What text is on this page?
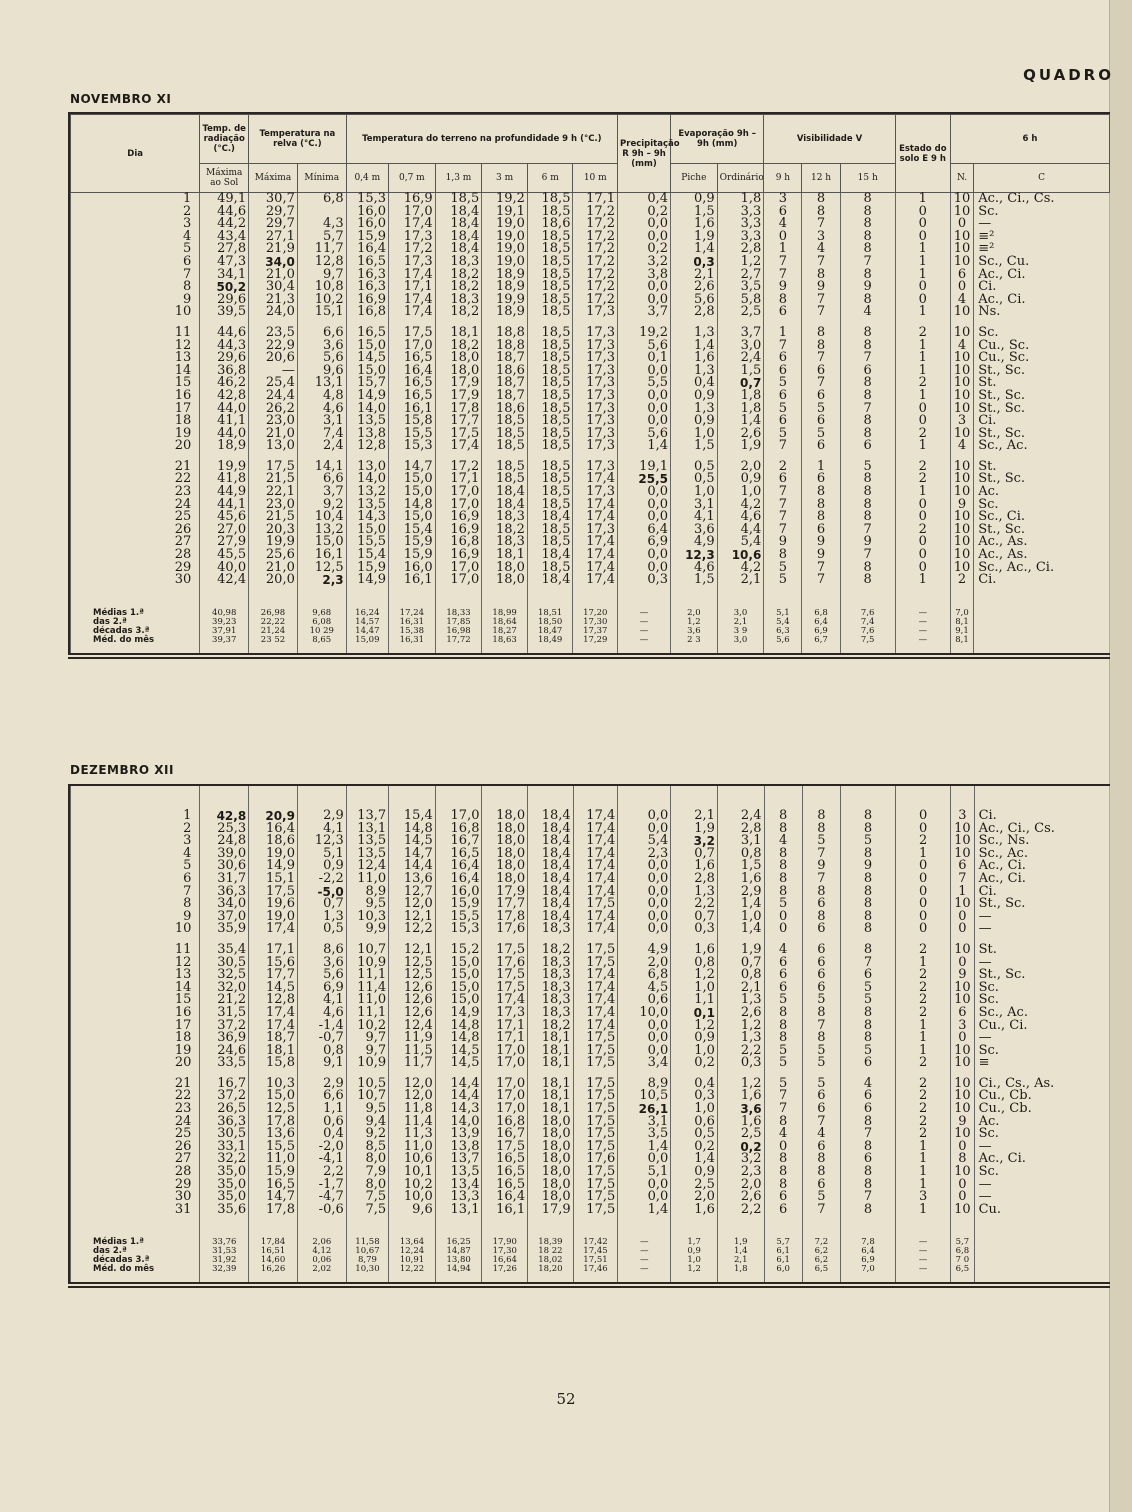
QUADRO
NOVEMBRO XI
Dia	Temp. de radiação (°C.)	Temperatura na relva (°C.)		Temperatura do terreno na profundidade 9 h (°C.)						Precipitação R 9h – 9h (mm)	Evaporação 9h – 9h (mm)		Visibilidade V			Estado do solo E 9 h	6 h	
	Máxima ao Sol	Máxima	Mínima	0,4 m	0,7 m	1,3 m	3 m	6 m	10 m		Piche	Ordinário	9 h	12 h	15 h		N.	C
1	49,1	30,7	6,8	15,3	16,9	18,5	19,2	18,5	17,1	0,4	0,9	1,8	3	8	8	1	10	Ac., Ci., Cs.
2	44,6	29,7		16,0	17,0	18,4	19,1	18,5	17,2	0,2	1,5	3,3	6	8	8	0	10	Sc.
3	44,2	29,7	4,3	16,0	17,4	18,4	19,0	18,6	17,2	0,0	1,6	3,3	4	7	8	0	0	—
4	43,4	27,1	5,7	15,9	17,3	18,4	19,0	18,5	17,2	0,0	1,9	3,3	0	3	8	0	10	≡²
5	27,8	21,9	11,7	16,4	17,2	18,4	19,0	18,5	17,2	0,2	1,4	2,8	1	4	8	1	10	≡²
6	47,3	34,0	12,8	16,5	17,3	18,3	19,0	18,5	17,2	3,2	0,3	1,2	7	7	7	1	10	Sc., Cu.
7	34,1	21,0	9,7	16,3	17,4	18,2	18,9	18,5	17,2	3,8	2,1	2,7	7	8	8	1	6	Ac., Ci.
8	50,2	30,4	10,8	16,3	17,1	18,2	18,9	18,5	17,2	0,0	2,6	3,5	9	9	9	0	0	Ci.
9	29,6	21,3	10,2	16,9	17,4	18,3	19,9	18,5	17,2	0,0	5,6	5,8	8	7	8	0	4	Ac., Ci.
10	39,5	24,0	15,1	16,8	17,4	18,2	18,9	18,5	17,3	3,7	2,8	2,5	6	7	4	1	10	Ns.

11	44,6	23,5	6,6	16,5	17,5	18,1	18,8	18,5	17,3	19,2	1,3	3,7	1	8	8	2	10	Sc.
12	44,3	22,9	3,6	15,0	17,0	18,2	18,8	18,5	17,3	5,6	1,4	3,0	7	8	8	1	4	Cu., Sc.
13	29,6	20,6	5,6	14,5	16,5	18,0	18,7	18,5	17,3	0,1	1,6	2,4	6	7	7	1	10	Cu., Sc.
14	36,8	—	9,6	15,0	16,4	18,0	18,6	18,5	17,3	0,0	1,3	1,5	6	6	6	1	10	St., Sc.
15	46,2	25,4	13,1	15,7	16,5	17,9	18,7	18,5	17,3	5,5	0,4	0,7	5	7	8	2	10	St.
16	42,8	24,4	4,8	14,9	16,5	17,9	18,7	18,5	17,3	0,0	0,9	1,8	6	6	8	1	10	St., Sc.
17	44,0	26,2	4,6	14,0	16,1	17,8	18,6	18,5	17,3	0,0	1,3	1,8	5	5	7	0	10	St., Sc.
18	41,1	23,0	3,1	13,5	15,8	17,7	18,5	18,5	17,3	0,0	0,9	1,4	6	6	8	0	3	Ci.
19	44,0	21,0	7,4	13,8	15,5	17,5	18,5	18,5	17,3	5,6	1,0	2,6	5	5	8	2	10	St., Sc.
20	18,9	13,0	2,4	12,8	15,3	17,4	18,5	18,5	17,3	1,4	1,5	1,9	7	6	6	1	4	Sc., Ac.

21	19,9	17,5	14,1	13,0	14,7	17,2	18,5	18,5	17,3	19,1	0,5	2,0	2	1	5	2	10	St.
22	41,8	21,5	6,6	14,0	15,0	17,1	18,5	18,5	17,4	25,5	0,5	0,9	6	6	8	2	10	St., Sc.
23	44,9	22,1	3,7	13,2	15,0	17,0	18,4	18,5	17,3	0,0	1,0	1,0	7	8	8	1	10	Ac.
24	44,1	23,0	9,2	13,5	14,8	17,0	18,4	18,5	17,4	0,0	3,1	4,2	7	8	8	0	9	Sc.
25	45,6	21,5	10,4	14,3	15,0	16,9	18,3	18,4	17,4	0,0	4,1	4,6	7	8	8	0	10	Sc., Ci.
26	27,0	20,3	13,2	15,0	15,4	16,9	18,2	18,5	17,3	6,4	3,6	4,4	7	6	7	2	10	St., Sc.
27	27,9	19,9	15,0	15,5	15,9	16,8	18,3	18,5	17,4	6,9	4,9	5,4	9	9	9	0	10	Ac., As.
28	45,5	25,6	16,1	15,4	15,9	16,9	18,1	18,4	17,4	0,0	12,3	10,6	8	9	7	0	10	Ac., As.
29	40,0	21,0	12,5	15,9	16,0	17,0	18,0	18,5	17,4	0,0	4,6	4,2	5	7	8	0	10	Sc., Ac., Ci.
30	42,4	20,0	2,3	14,9	16,1	17,0	18,0	18,4	17,4	0,3	1,5	2,1	5	7	8	1	2	Ci.

Médias 1.ª	40,98	26,98	9,68	16,24	17,24	18,33	18,99	18,51	17,20	—	2,0	3,0	5,1	6,8	7,6	—	7,0	
das 2.ª	39,23	22,22	6,08	14,57	16,31	17,85	18,64	18,50	17,30	—	1,2	2,1	5,4	6,4	7,4	—	8,1	
décadas 3.ª	37,91	21,24	10 29	14,47	15,38	16,98	18,27	18,47	17,37	—	3,6	3 9	6,3	6,9	7,6	—	9,1	
Méd. do mês	39,37	23 52	8,65	15,09	16,31	17,72	18,63	18,49	17,29	—	2 3	3,0	5,6	6,7	7,5	—	8,1	

DEZEMBRO XII

1	42,8	20,9	2,9	13,7	15,4	17,0	18,0	18,4	17,4	0,0	2,1	2,4	8	8	8	0	3	Ci.
2	25,3	16,4	4,1	13,1	14,8	16,8	18,0	18,4	17,4	0,0	1,9	2,8	8	8	8	0	10	Ac., Ci., Cs.
3	24,8	18,6	12,3	13,5	14,5	16,7	18,0	18,4	17,4	5,4	3,2	3,1	4	5	5	2	10	Sc., Ns.
4	39,0	19,0	5,1	13,5	14,7	16,5	18,0	18,4	17,4	2,3	0,7	0,8	8	7	8	1	10	Sc., Ac.
5	30,6	14,9	0,9	12,4	14,4	16,4	18,0	18,4	17,4	0,0	1,6	1,5	8	9	9	0	6	Ac., Ci.
6	31,7	15,1	-2,2	11,0	13,6	16,4	18,0	18,4	17,4	0,0	2,8	1,6	8	7	8	0	7	Ac., Ci.
7	36,3	17,5	-5,0	8,9	12,7	16,0	17,9	18,4	17,4	0,0	1,3	2,9	8	8	8	0	1	Ci.
8	34,0	19,6	0,7	9,5	12,0	15,9	17,7	18,4	17,5	0,0	2,2	1,4	5	6	8	0	10	St., Sc.
9	37,0	19,0	1,3	10,3	12,1	15,5	17,8	18,4	17,4	0,0	0,7	1,0	0	8	8	0	0	—
10	35,9	17,4	0,5	9,9	12,2	15,3	17,6	18,3	17,4	0,0	0,3	1,4	0	6	8	0	0	—

11	35,4	17,1	8,6	10,7	12,1	15,2	17,5	18,2	17,5	4,9	1,6	1,9	4	6	8	2	10	St.
12	30,5	15,6	3,6	10,9	12,5	15,0	17,6	18,3	17,5	2,0	0,8	0,7	6	6	7	1	0	—
13	32,5	17,7	5,6	11,1	12,5	15,0	17,5	18,3	17,4	6,8	1,2	0,8	6	6	6	2	9	St., Sc.
14	32,0	14,5	6,9	11,4	12,6	15,0	17,5	18,3	17,4	4,5	1,0	2,1	6	6	5	2	10	Sc.
15	21,2	12,8	4,1	11,0	12,6	15,0	17,4	18,3	17,4	0,6	1,1	1,3	5	5	5	2	10	Sc.
16	31,5	17,4	4,6	11,1	12,6	14,9	17,3	18,3	17,4	10,0	0,1	2,6	8	8	8	2	6	Sc., Ac.
17	37,2	17,4	-1,4	10,2	12,4	14,8	17,1	18,2	17,4	0,0	1,2	1,2	8	7	8	1	3	Cu., Ci.
18	36,9	18,7	-0,7	9,7	11,9	14,8	17,1	18,1	17,5	0,0	0,9	1,3	8	8	8	1	0	—
19	24,6	18,1	0,8	9,7	11,5	14,5	17,0	18,1	17,5	0,0	1,0	2,2	5	5	5	1	10	Sc.
20	33,5	15,8	9,1	10,9	11,7	14,5	17,0	18,1	17,5	3,4	0,2	0,3	5	5	6	2	10	≡

21	16,7	10,3	2,9	10,5	12,0	14,4	17,0	18,1	17,5	8,9	0,4	1,2	5	5	4	2	10	Ci., Cs., As.
22	37,2	15,0	6,6	10,7	12,0	14,4	17,0	18,1	17,5	10,5	0,3	1,6	7	6	6	2	10	Cu., Cb.
23	26,5	12,5	1,1	9,5	11,8	14,3	17,0	18,1	17,5	26,1	1,0	3,6	7	6	6	2	10	Cu., Cb.
24	36,3	17,8	0,6	9,4	11,4	14,0	16,8	18,0	17,5	3,1	0,6	1,6	8	7	8	2	9	Ac.
25	30,5	13,6	0,4	9,2	11,3	13,9	16,7	18,0	17,5	3,5	0,5	2,5	4	4	7	2	10	Sc.
26	33,1	15,5	-2,0	8,5	11,0	13,8	17,5	18,0	17,5	1,4	0,2	0,2	0	6	8	1	0	—
27	32,2	11,0	-4,1	8,0	10,6	13,7	16,5	18,0	17,6	0,0	1,4	3,2	8	8	6	1	8	Ac., Ci.
28	35,0	15,9	2,2	7,9	10,1	13,5	16,5	18,0	17,5	5,1	0,9	2,3	8	8	8	1	10	Sc.
29	35,0	16,5	-1,7	8,0	10,2	13,4	16,5	18,0	17,5	0,0	2,5	2,0	8	6	8	1	0	—
30	35,0	14,7	-4,7	7,5	10,0	13,3	16,4	18,0	17,5	0,0	2,0	2,6	6	5	7	3	0	—
31	35,6	17,8	-0,6	7,5	9,6	13,1	16,1	17,9	17,5	1,4	1,6	2,2	6	7	8	1	10	Cu.

Médias 1.ª	33,76	17,84	2,06	11,58	13,64	16,25	17,90	18,39	17,42	—	1,7	1,9	5,7	7,2	7,8	—	5,7	
das 2.ª	31,53	16,51	4,12	10,67	12,24	14,87	17,30	18 22	17,45	—	0,9	1,4	6,1	6,2	6,4	—	6,8	
décadas 3.ª	31,92	14,60	0,06	8,79	10,91	13,80	16,64	18,02	17,51	—	1,0	2,1	6,1	6,2	6,9	—	7 0	
Méd. do mês	32,39	16,26	2,02	10,30	12,22	14,94	17,26	18,20	17,46	—	1,2	1,8	6,0	6,5	7,0	—	6,5	

52
